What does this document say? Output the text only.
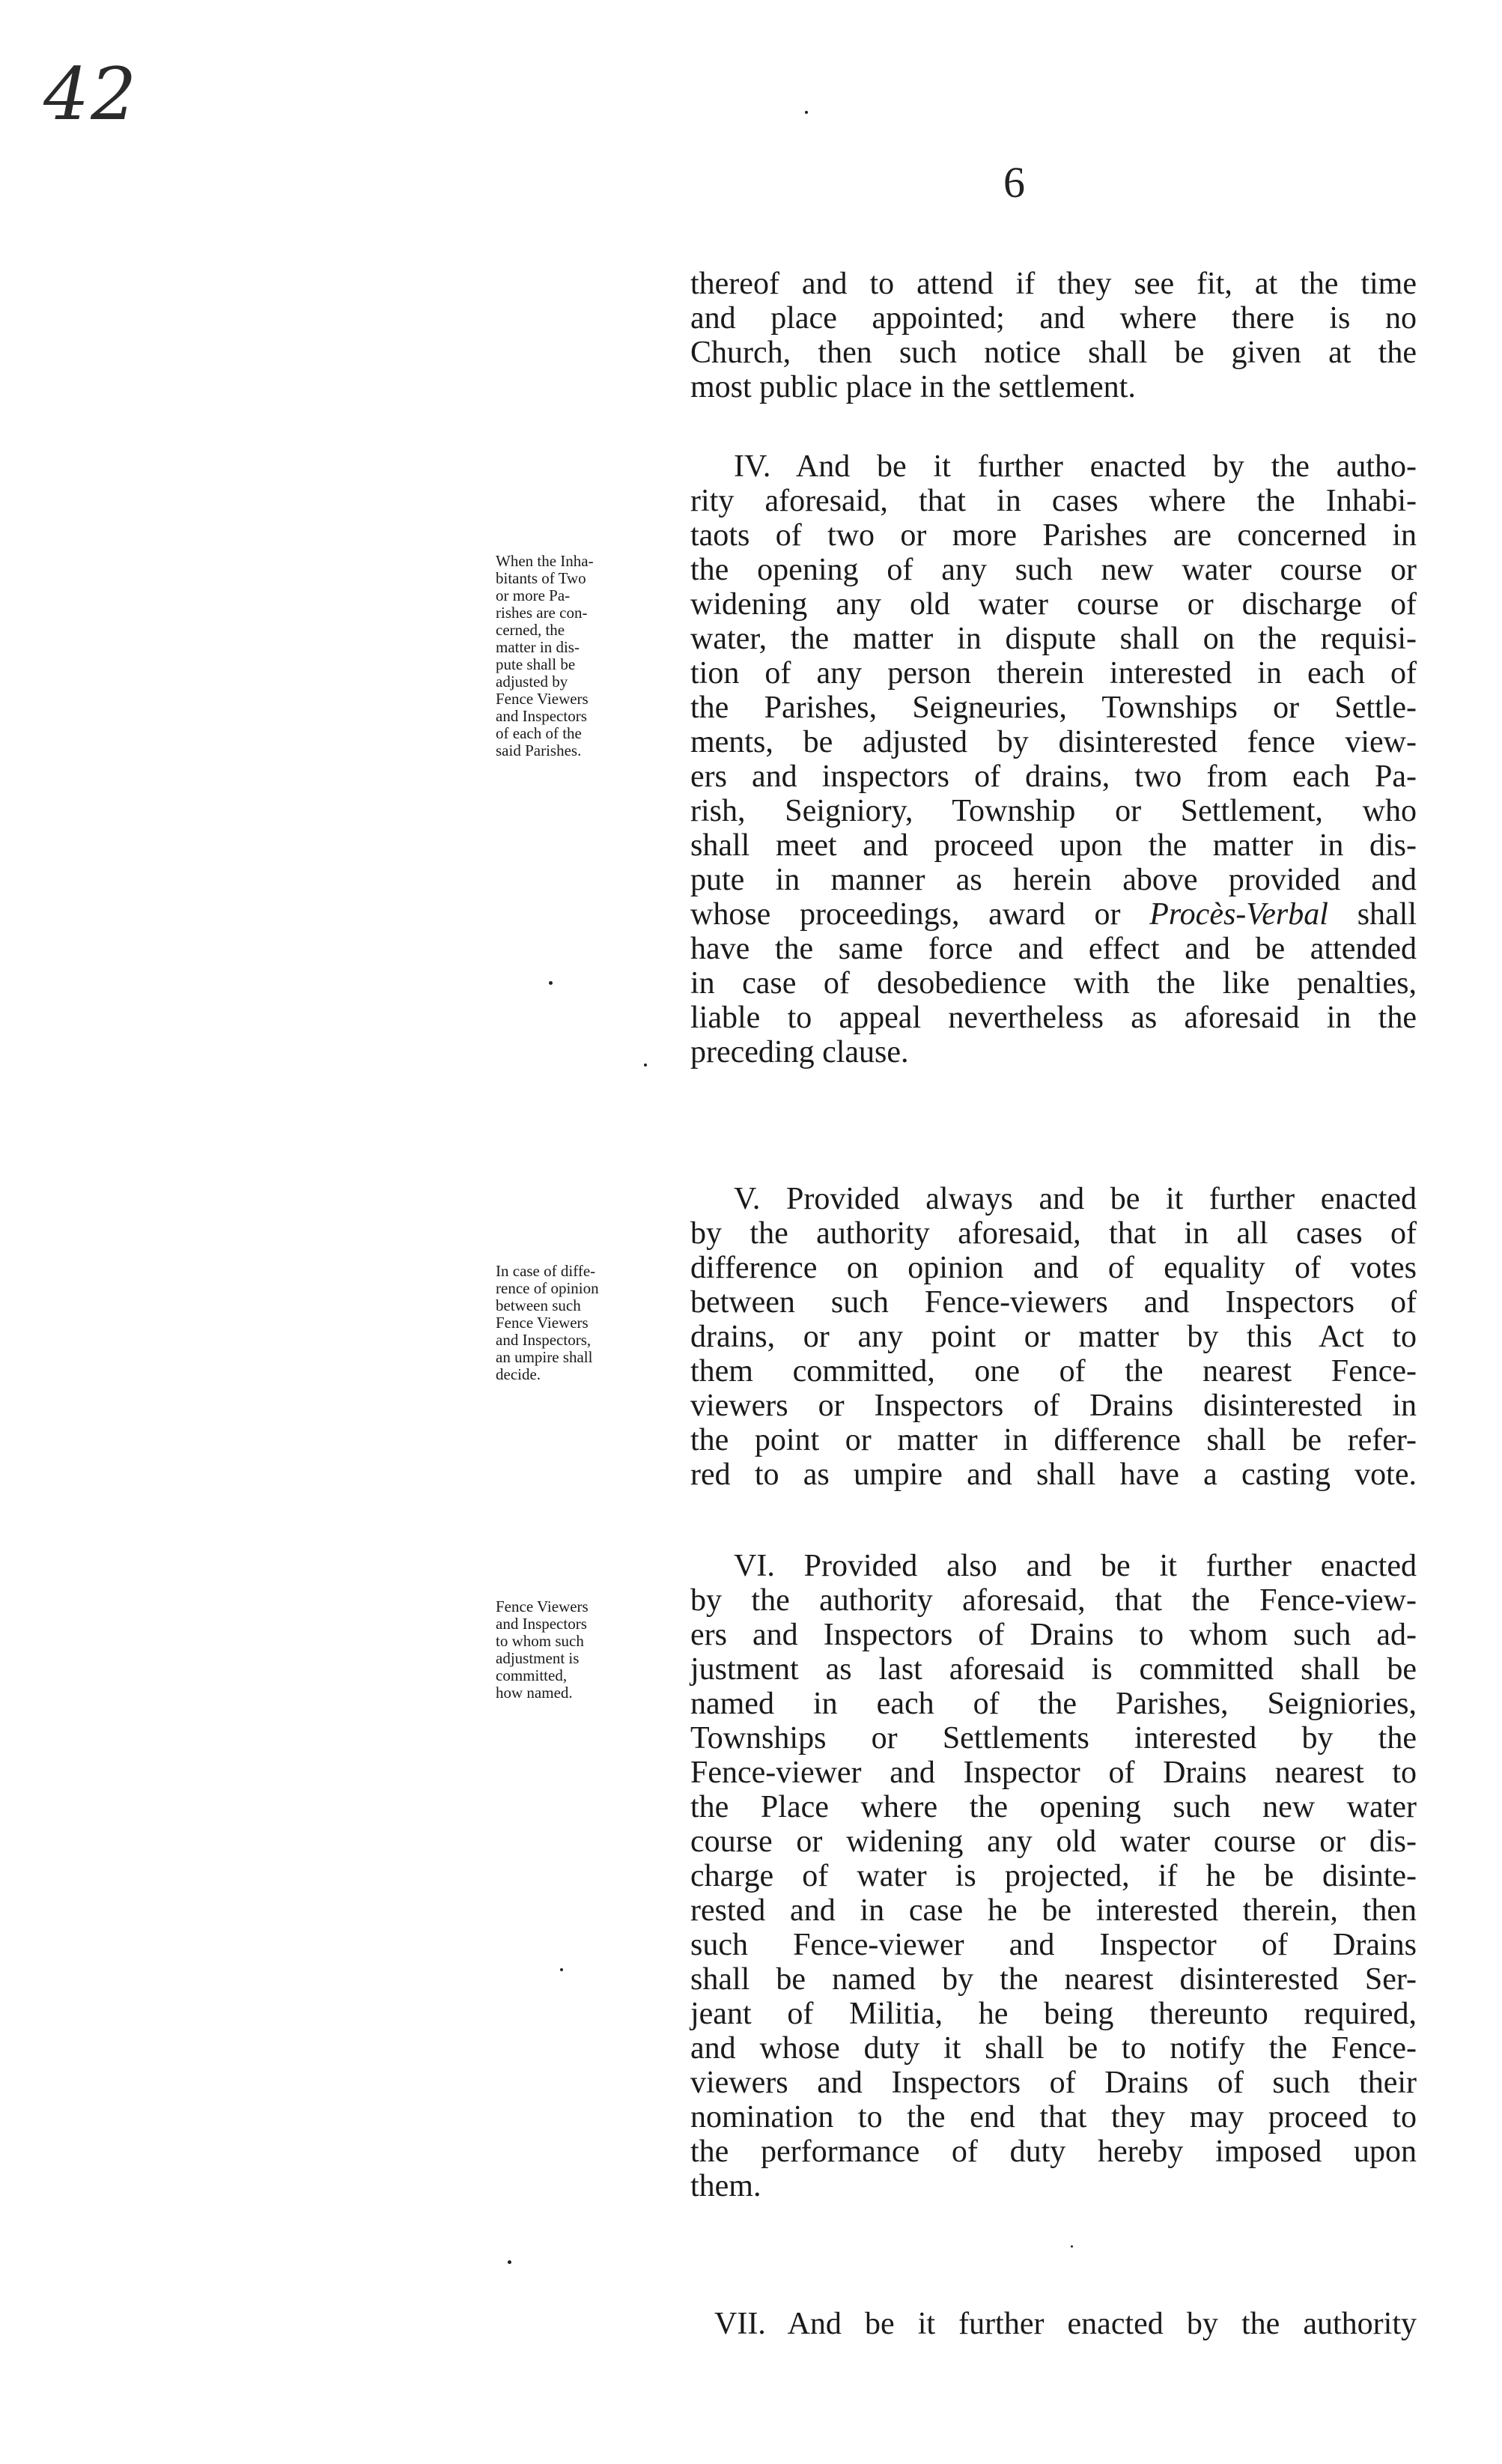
42
6
thereof and to attend if they see fit, at the time
and place appointed; and where there is no
Church, then such notice shall be given at the
most public place in the settlement.
IV. And be it further enacted by the autho-
rity aforesaid, that in cases where the Inhabi-
taots of two or more Parishes are concerned in
the opening of any such new water course or
widening any old water course or discharge of
water, the matter in dispute shall on the requisi-
tion of any person therein interested in each of
the Parishes, Seigneuries, Townships or Settle-
ments, be adjusted by disinterested fence view-
ers and inspectors of drains, two from each Pa-
rish, Seigniory, Township or Settlement, who
shall meet and proceed upon the matter in dis-
pute in manner as herein above provided and
whose proceedings, award or Procès-Verbal shall
have the same force and effect and be attended
in case of desobedience with the like penalties,
liable to appeal nevertheless as aforesaid in the
preceding clause.
V. Provided always and be it further enacted
by the authority aforesaid, that in all cases of
difference on opinion and of equality of votes
between such Fence-viewers and Inspectors of
drains, or any point or matter by this Act to
them committed, one of the nearest Fence-
viewers or Inspectors of Drains disinterested in
the point or matter in difference shall be refer-
red to as umpire and shall have a casting vote.
VI. Provided also and be it further enacted
by the authority aforesaid, that the Fence-view-
ers and Inspectors of Drains to whom such ad-
justment as last aforesaid is committed shall be
named in each of the Parishes, Seigniories,
Townships or Settlements interested by the
Fence-viewer and Inspector of Drains nearest to
the Place where the opening such new water
course or widening any old water course or dis-
charge of water is projected, if he be disinte-
rested and in case he be interested therein, then
such Fence-viewer and Inspector of Drains
shall be named by the nearest disinterested Ser-
jeant of Militia, he being thereunto required,
and whose duty it shall be to notify the Fence-
viewers and Inspectors of Drains of such their
nomination to the end that they may proceed to
the performance of duty hereby imposed upon
them.
VII. And be it further enacted by the authority
When the Inha-
bitants of Two
or more Pa-
rishes are con-
cerned, the
matter in dis-
pute shall be
adjusted by
Fence Viewers
and Inspectors
of each of the
said Parishes.
In case of diffe-
rence of opinion
between such
Fence Viewers
and Inspectors,
an umpire shall
decide.
Fence Viewers
and Inspectors
to whom such
adjustment is
committed,
how named.
